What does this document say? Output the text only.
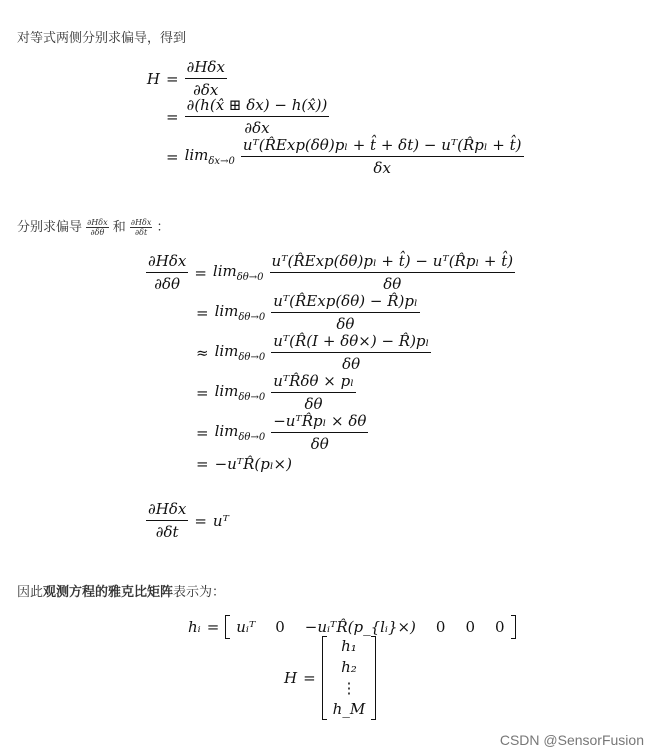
对等式两侧分别求偏导，得到
$H = \frac{\text{∂Hδx}}{\partial\delta x}$
= $\frac{\partial(h(x̂ ⊞ \delta x) - h(x̂))}{\partial\delta x}$
= $\lim_{\delta x\to 0} \frac{\text{uᵀ(R̂Exp(δθ)pₗ + t̂ + δt) − uᵀ(R̂pₗ + t̂)}}{\delta x}$
分别求偏导 $\frac{\text{∂Hδx}}{\partial\delta\theta}$ 和 $\frac{\text{∂Hδx}}{\partial\delta t}$ ：
$\frac{\text{∂Hδx}}{\partial\delta\theta} = \lim_{\delta\theta\to 0} \frac{\text{uᵀ(R̂Exp(δθ)pₗ + t̂) − uᵀ(R̂pₗ + t̂)}}{\delta\theta}$
= $\lim_{\delta\theta\to 0} \frac{\text{uᵀ(R̂Exp(δθ) − R̂)pₗ}}{\delta\theta}$
≈ $\lim_{\delta\theta\to 0} \frac{\text{uᵀ(R̂(I + δθ×) − R̂)pₗ}}{\delta\theta}$
= $\lim_{\delta\theta\to 0} \frac{\text{uᵀR̂δθ × pₗ}}{\delta\theta}$
= $\lim_{\delta\theta\to 0} \frac{\text{−uᵀR̂pₗ × δθ}}{\delta\theta}$
= −uᵀR̂(pₗ×)
$\frac{\text{∂Hδx}}{\partial\delta t}$ = uᵀ
因此观测方程的雅克比矩阵表示为：
hᵢ =	uᵢᵀ 0 −uᵢᵀR̂(p_{lᵢ}×) 0 0 0
H =
h₁
h₂
⋮
h_M
CSDN @SensorFusion
